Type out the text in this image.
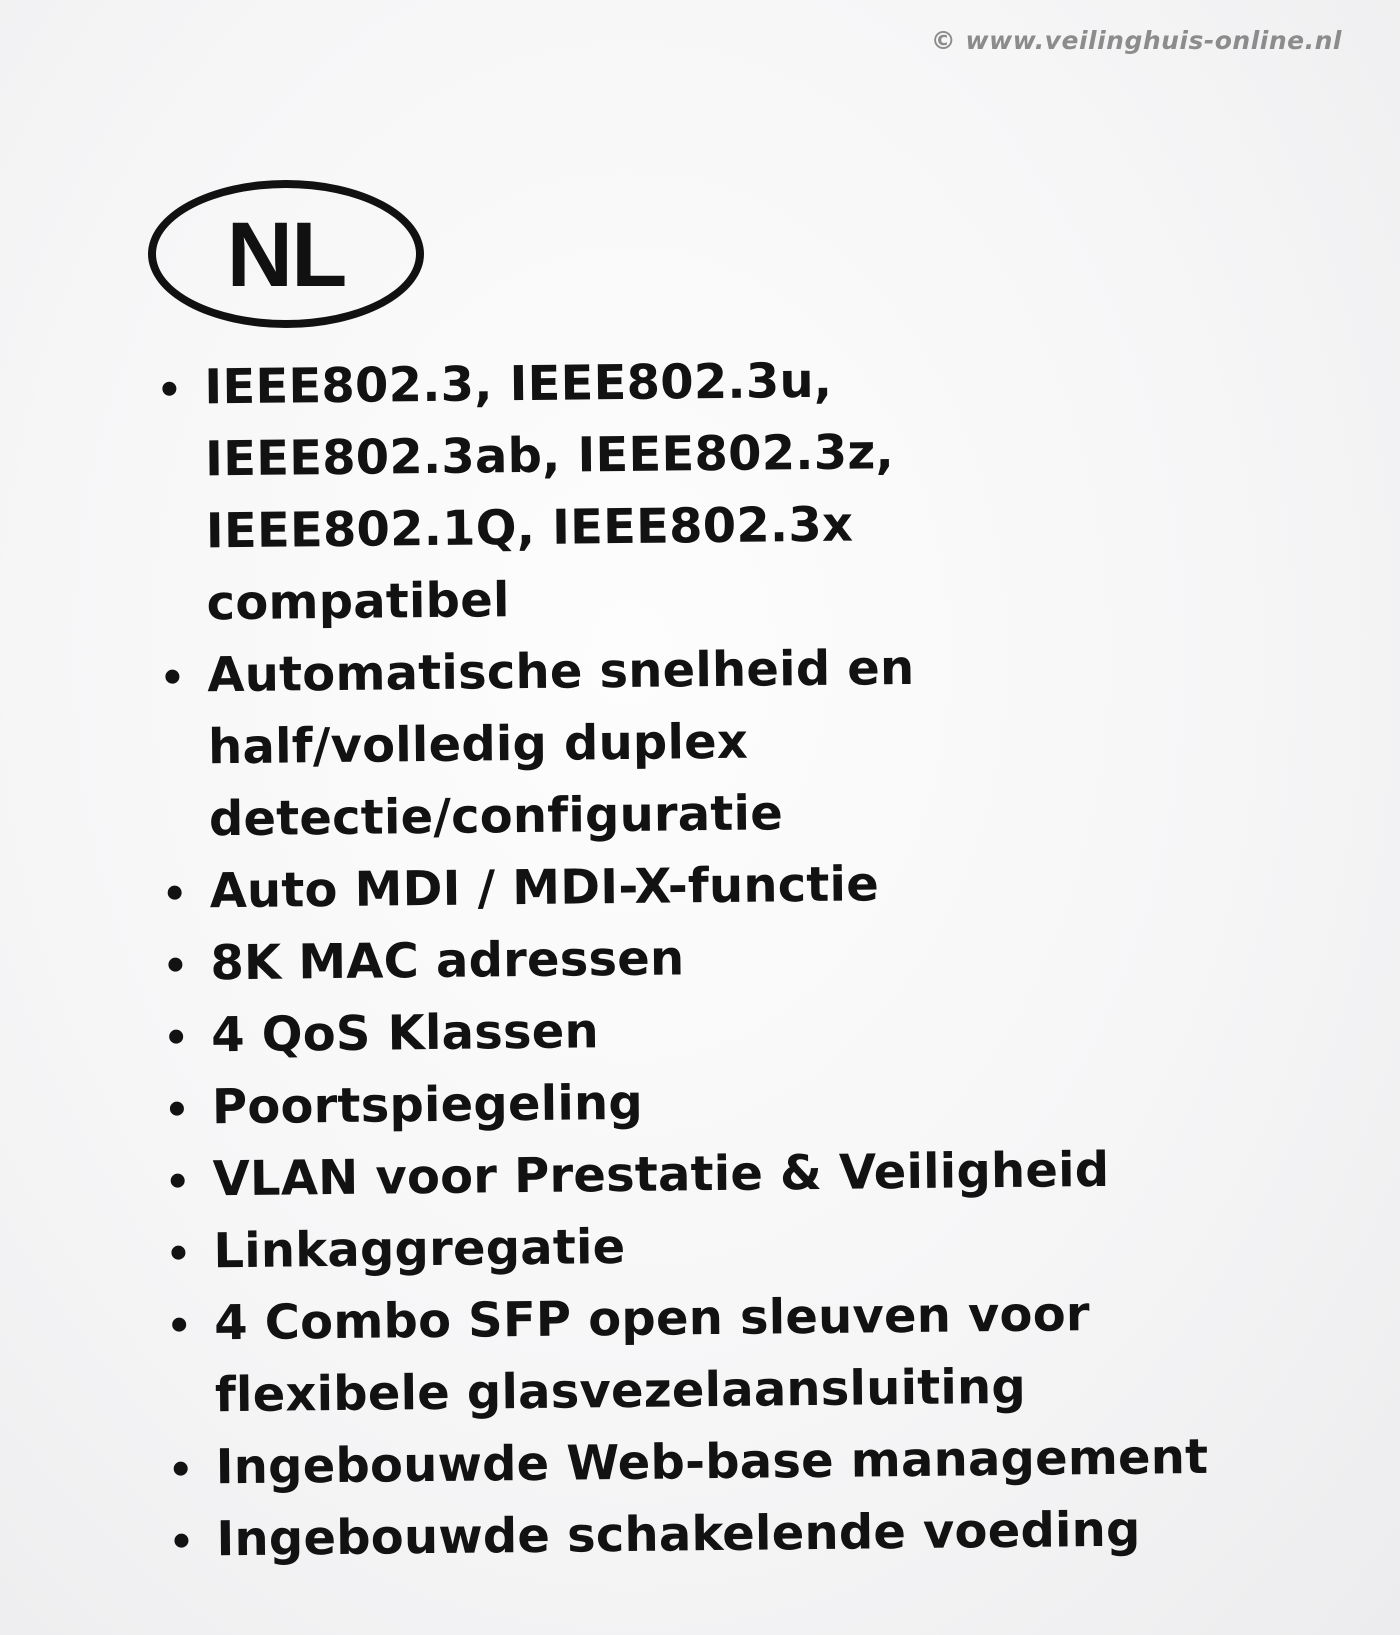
© www.veilinghuis-online.nl
NL
IEEE802.3, IEEE802.3u, IEEE802.3ab, IEEE802.3z, IEEE802.1Q, IEEE802.3x compatibel
Automatische snelheid en half/volledig duplex detectie/configuratie
Auto MDI / MDI-X-functie
8K MAC adressen
4 QoS Klassen
Poortspiegeling
VLAN voor Prestatie & Veiligheid
Linkaggregatie
4 Combo SFP open sleuven voor flexibele glasvezelaansluiting
Ingebouwde Web-base management
Ingebouwde schakelende voeding
